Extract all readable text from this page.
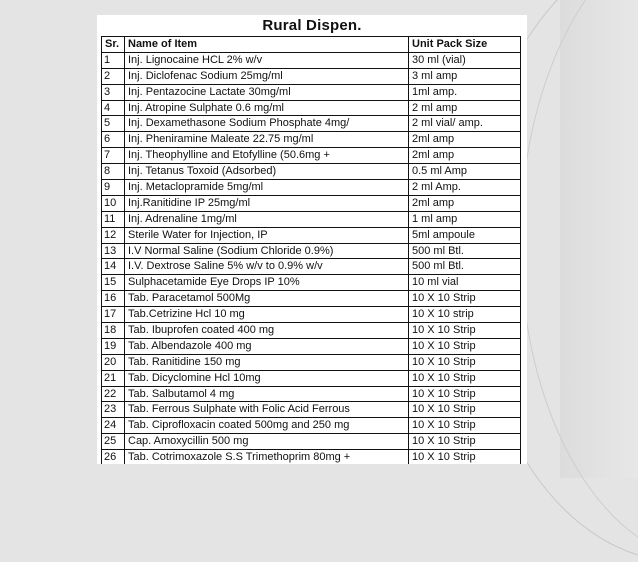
Rural Dispen.
Sr.	Name of Item	Unit Pack Size
1	Inj. Lignocaine HCL 2% w/v	30 ml (vial)
2	Inj. Diclofenac Sodium 25mg/ml	3 ml amp
3	Inj. Pentazocine Lactate 30mg/ml	1ml amp.
4	Inj. Atropine Sulphate 0.6 mg/ml	2 ml amp
5	Inj. Dexamethasone Sodium Phosphate 4mg/	2 ml vial/ amp.
6	Inj. Pheniramine Maleate 22.75 mg/ml	2ml amp
7	Inj. Theophylline and Etofylline (50.6mg +	2ml amp
8	Inj. Tetanus Toxoid (Adsorbed)	0.5 ml Amp
9	Inj. Metaclopramide 5mg/ml	2 ml Amp.
10	Inj.Ranitidine IP 25mg/ml	2ml amp
11	Inj. Adrenaline 1mg/ml	1 ml amp
12	Sterile Water for Injection, IP	5ml ampoule
13	I.V Normal Saline (Sodium Chloride 0.9%)	500 ml Btl.
14	I.V. Dextrose Saline 5% w/v to 0.9% w/v	500 ml Btl.
15	Sulphacetamide Eye Drops IP 10%	10 ml vial
16	Tab. Paracetamol 500Mg	10 X 10 Strip
17	Tab.Cetrizine Hcl 10 mg	10 X 10 strip
18	Tab. Ibuprofen coated 400 mg	10 X 10 Strip
19	Tab. Albendazole 400 mg	10 X 10 Strip
20	Tab. Ranitidine 150 mg	10 X 10 Strip
21	Tab. Dicyclomine Hcl 10mg	10 X 10 Strip
22	Tab. Salbutamol 4 mg	10 X 10 Strip
23	Tab. Ferrous Sulphate with Folic Acid Ferrous	10 X 10 Strip
24	Tab. Ciprofloxacin coated 500mg and 250 mg	10 X 10 Strip
25	Cap. Amoxycillin 500 mg	10 X 10 Strip
26	Tab. Cotrimoxazole S.S Trimethoprim 80mg +	10 X 10 Strip
